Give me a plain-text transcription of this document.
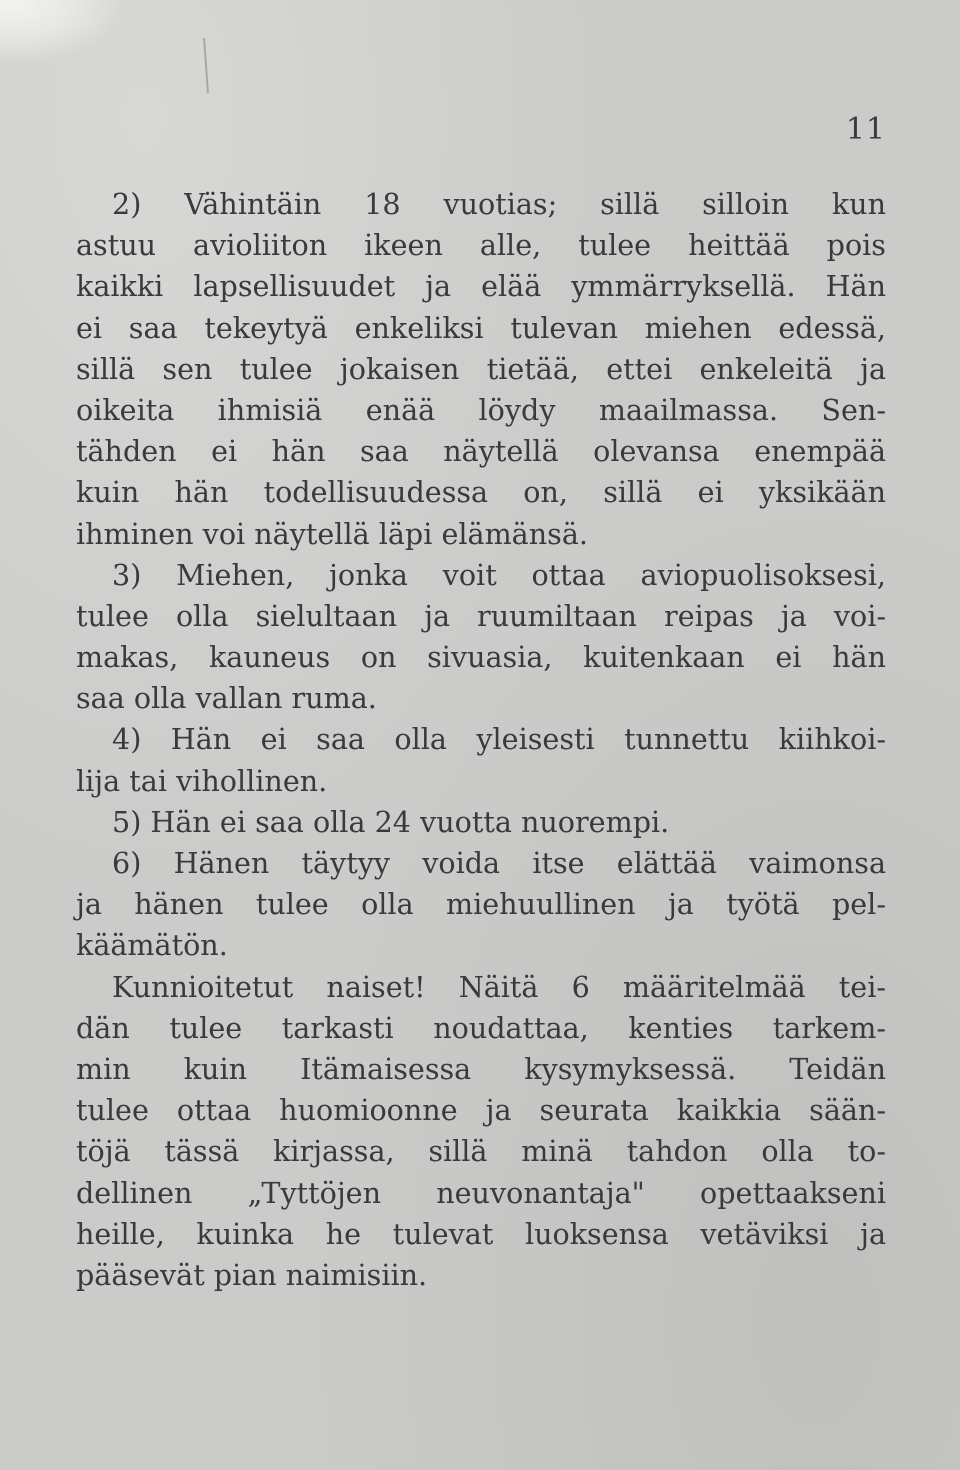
11
2) Vähintäin 18 vuotias; sillä silloin kun
astuu avioliiton ikeen alle, tulee heittää pois
kaikki lapsellisuudet ja elää ymmärryksellä. Hän
ei saa tekeytyä enkeliksi tulevan miehen edessä,
sillä sen tulee jokaisen tietää, ettei enkeleitä ja
oikeita ihmisiä enää löydy maailmassa. Sen-
tähden ei hän saa näytellä olevansa enempää
kuin hän todellisuudessa on, sillä ei yksikään
ihminen voi näytellä läpi elämänsä.
3) Miehen, jonka voit ottaa aviopuolisoksesi,
tulee olla sielultaan ja ruumiltaan reipas ja voi-
makas, kauneus on sivuasia, kuitenkaan ei hän
saa olla vallan ruma.
4) Hän ei saa olla yleisesti tunnettu kiihkoi-
lija tai vihollinen.
5) Hän ei saa olla 24 vuotta nuorempi.
6) Hänen täytyy voida itse elättää vaimonsa
ja hänen tulee olla miehuullinen ja työtä pel-
käämätön.
Kunnioitetut naiset! Näitä 6 määritelmää tei-
dän tulee tarkasti noudattaa, kenties tarkem-
min kuin Itämaisessa kysymyksessä. Teidän
tulee ottaa huomioonne ja seurata kaikkia sään-
töjä tässä kirjassa, sillä minä tahdon olla to-
dellinen „Tyttöjen neuvonantaja" opettaakseni
heille, kuinka he tulevat luoksensa vetäviksi ja
pääsevät pian naimisiin.
